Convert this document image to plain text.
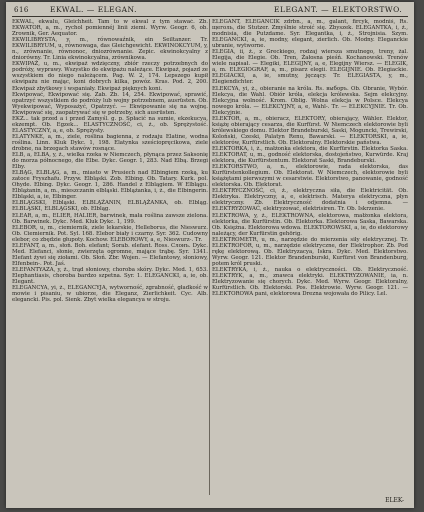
616	EKWAL. — ELEGAN.	ELEGANT. — ELEKTORSTWO.

EKWAL, ekwalu, Gleichheit. Tam to w ekwal z tym stawać. Zb. EKWATOR, a, m., rychol pomiennéj linii ziemi. Wyrw. Geogr. 6, ob. Zrownik, Ger. Aequator.

EKWILIBRYSTA, y, m., równowaźnik, ein Seiltanzer. Tr. EKWILIBRYUM, u, równowaga, das Gleichgewicht. EKWINOKCYUM, y, n., zrównanie, równonoc, dniozrównanie. Zepic. ekwinokcyalny z dniorówny. Tr. Linia ekwinokcyalna, zrównikowa.

EKWIPAŻ, u, m., ekwipaż wdzięczny, zbiór rzeczy potrzebnych do podróży, wyprawy. Wszystko do ekwipażu należące. Ekwipaż, pojazd ze wszystkiem do niego należącem. Pag. W. 2, 174. Lepszego kupił ekwipażu nie mając, koni dobrych kilka, powóz. Kras. Pod. 2, 200. Ekwipaż zbytkowy i wspaniały. Ekwipaż pięknych koni.

Ekwipować, Ekwipować się. Zab. Zb. 14, 254. Ekwipować, sprawić, opatrzyć wszystkiem do podróży lub wojny potrzebnem, ausrüsten. Ob. Wyekwipować, Wyposażyć, Opatrzyć. — Ekwipowanie się na wojnę. Ekwipować się, zaopatrywać się w potrzeby, sich ausrüsten.

EKZ... tak przed a i przed Zamyśl. g. p. Spłacić na sumie, ekzekucya, ekzempt. Ob. Egzek... ELASTYCZNOŚĆ, ci, ż., ob. Sprężystość. ELASTYCZNY, a, e, ob. Sprężysty.

ELATYNKE, a, m., ziele, roślina bagienna, z rodzaju Elatine, wodna roślina. Linn. Kluk Dykc. 1, 198. Elatynka sześciopręcikowa, ziele drobne, na brzegach stawów rosnące.

ELB, a, ELBA, y, ż., wielka rzeka w Niemczech, płynąca przez Saksonię do morza północnego, die Elbe. Dykc. Geogr. 1, 283. Nad Elbą. Brzegi Elby.

ELBĄG, ELBLĄG, a, m., miasto w Prusiech nad Elbingiem rzeką, ku zatoce Fryszhafu. Przyw. Elbląski. Zob. Elbing. Ob. Tatary. Kurk. pol. Ohyde. Elbing. Dykc. Geogr. 1, 286. Handel z Elblągiem. W Elblągu. Elblążanin, a, m., mieszczanin elbląski. Elblążanka, i, ż., die Elbingerin. Elbląski, a, ie, Elbinger.

ELBLĄGSKI, Elbląski. ELBLĄŻANIN, ELBLĄŻANKA, ob. Elbląg. ELBLĄSKI, ELBLĄGSKI, ob. Elbląg.

ELEAR, a, m., ELIER, HALIER, barwinek, mała roślina zawsze zielona. Ob. Barwinek. Dykc. Med. Kluk Dykc. 1, 199.

ELEBOR, u, m., ciemiernik, ziele lekarskie, Helleborus, die Nieswurz. Ob. Ciemiernik. Pot. Syl. 168. Elebor biały i czarny. Syr. 362. Cudowny elebor, co zbędzie głupoty. Kochow. ELEBOROWY, a, e, Nieswurz-. Tr.

ELEFANT, a, m., słoń. Boh. elefant; Sorab. elefant. Ross. Слонъ. Dykc. Med. Elefanci, słonie, zwierzęta ogromne, mające trąbę. Syr. 1341. Elefant żywi się ziołami. Ob. Słoń. Zbr. Wojen. — Elefantowy, słoniowy, Elfenbein-. Pot. Jaś.

ELEFANTYAZA, y, ż., trąd słoniowy, choroba skóry. Dykc. Med. 1, 653. Elephantiasis, choroba bardzo szpetna. Syr. 1. ELEGANCKI, a, ie, ob. Elegant.

ELEGANCYA, yi, ż., ELEGANCYJA, wytworność, zgrabność, gładkość w mowie i pisaniu, w ubiorze, die Eleganz, Zierlichkeit. Cyc. Alb. elegancki. Pis. pol. Sienk. Zbyt wielka elegancya w stroju.

ELEGANT, ELEGANCIK zdrbn., a, m., galant, fircyk, modniś, Rs. щеголь, die Stutzer. Zmyślnie stroić się. Zbyszek. ELEGANTKA, i, ż., modnisia, die Putzdame. Syr. Elegantka, i, ż., Strojnisia. Szym. ELEGANCKI, a, ie, modny, elegant, zierlich. Ob. Modny. Eleganckie ubranie, wytworne.

ELEGIA, ii, ż., z Greckiego, rodzaj wiersza smutnego, treny, żal. Elegija, die Elegie. Ob. Tren, Żałosna pieśń. Kochanowski. Trenów wiele napisał. — Elegiki, ELEGIJNY, a, e, Elegijny Wiersz. — ELEGIK, a, m. ELEGIOGRAF, a, m., pisarz elegii. ELEGIJNIE. Ob. Elegiackie. ELEGIACKI, a, ie, smutny, jęczący. Tr. ELEGIASTA, y, m., Elegiendichter.

ELEKCYA, yi, ż., obieranie na króla. Rs. выборъ. Ob. Obranie, Wybór. Elekcya, die Wahl. Obiór króla, elekcja królewska. Sejm elekcyjny. Elekcyjna wolność. Krom. Oblig. Wolna elekcja w Polsce. Elekcya nowego króla. — ELEKCYJNY, a, e, Wahl-. Tr. — ELEKCYJNIE. Tr. Ob. Elekcyjnie.

ELEKTOR, a, m., obieracz, ELEKTORY, obierający, Wähler. Elektor, książę obierający cesarza, die Kurfürst. W Niemczech elektorowie byli królewskiego domu. Elektor Brandeburski, Saski, Moguncki, Trewirski, Koloński, Czeski, Palatyn Renu, Bawarski. — ELEKTORSKI, a, ie, elektorów, Kurfürstlich. Ob. Elektoralny. Elektorskie państwa.

ELEKTORKA, i, ż., małżonka elektora, die Kurfürstin. Elektorka Saska. ELEKTORAT, u, m., godność elektorska, dostojeństwo, Kurwürde. Kraj elektora, die Kurfürstentum. Elektorat Saski, Brandeburski.

ELEKTORSTWO, a, n., elektorowie, rada elektorska, das Kurfürstenkollegium. Ob. Elektorat. W Niemczech, elektorowie byli książętami pierwszymi w cesarstwie. Elektorstwo, panowanie, godność elektorska. Ob. Elektorat.

ELEKTRYCZNOŚĆ, ci, ż., elektryczna siła, die Elektricität. Ob. Elektryka. Elektryczny, a, e, elektrisch. Materya elektryczna, płyn elektryczny. Zb. Elektryczność dodatnia i odjemna. — ELEKTRYZOWAĆ, elektryzować, elektrisiren. Tr. Ob. Iskrzenie.

ELEKTROWA, y, ż., ELEKTROWNA, elektorowa, małżonka elektora, elektorka, die Kurfürstin. Ob. Elektorka. Elektorowa Saska, Bawarska. Ob. Księżna. Elektorowa wdowa. ELEKTOROWSKI, a, ie, do elektorowy należący, der Kurfürstin gehörig.

ELEKTROMETR, u, m., narzędzie do mierzenia siły elektrycznej. Tr. ELEKTROFOR, u, m., narzędzie elektryczne, der Elektrophor. Zb. Pod rękę elektorową. Ob. Elektryzacya, Iskra. Dykc. Med. Elektorstwo. Wyrw. Geogr. 121. Elektor Brandenburski, Kurfürst von Brandenburg, potem król pruski.

ELEKTRYKA, i, ż., nauka o elektryczności. Ob. Elektryczność. ELEKTRYK, a, m., znawca elektryki. ELEKTRYZOWANIE, ia, n. Elektryzowanie się chorych. Dykc. Med. Wyrw. Geogr. Elektoralny, Kurfürstlich. Ob. Elektorski. Pos. Elektrowie. Wyrw. Geogr. 121. — ELEKTOROWA pani, elektorowa Drezna wojowała do Pilicy. Lel.

ELEK-
